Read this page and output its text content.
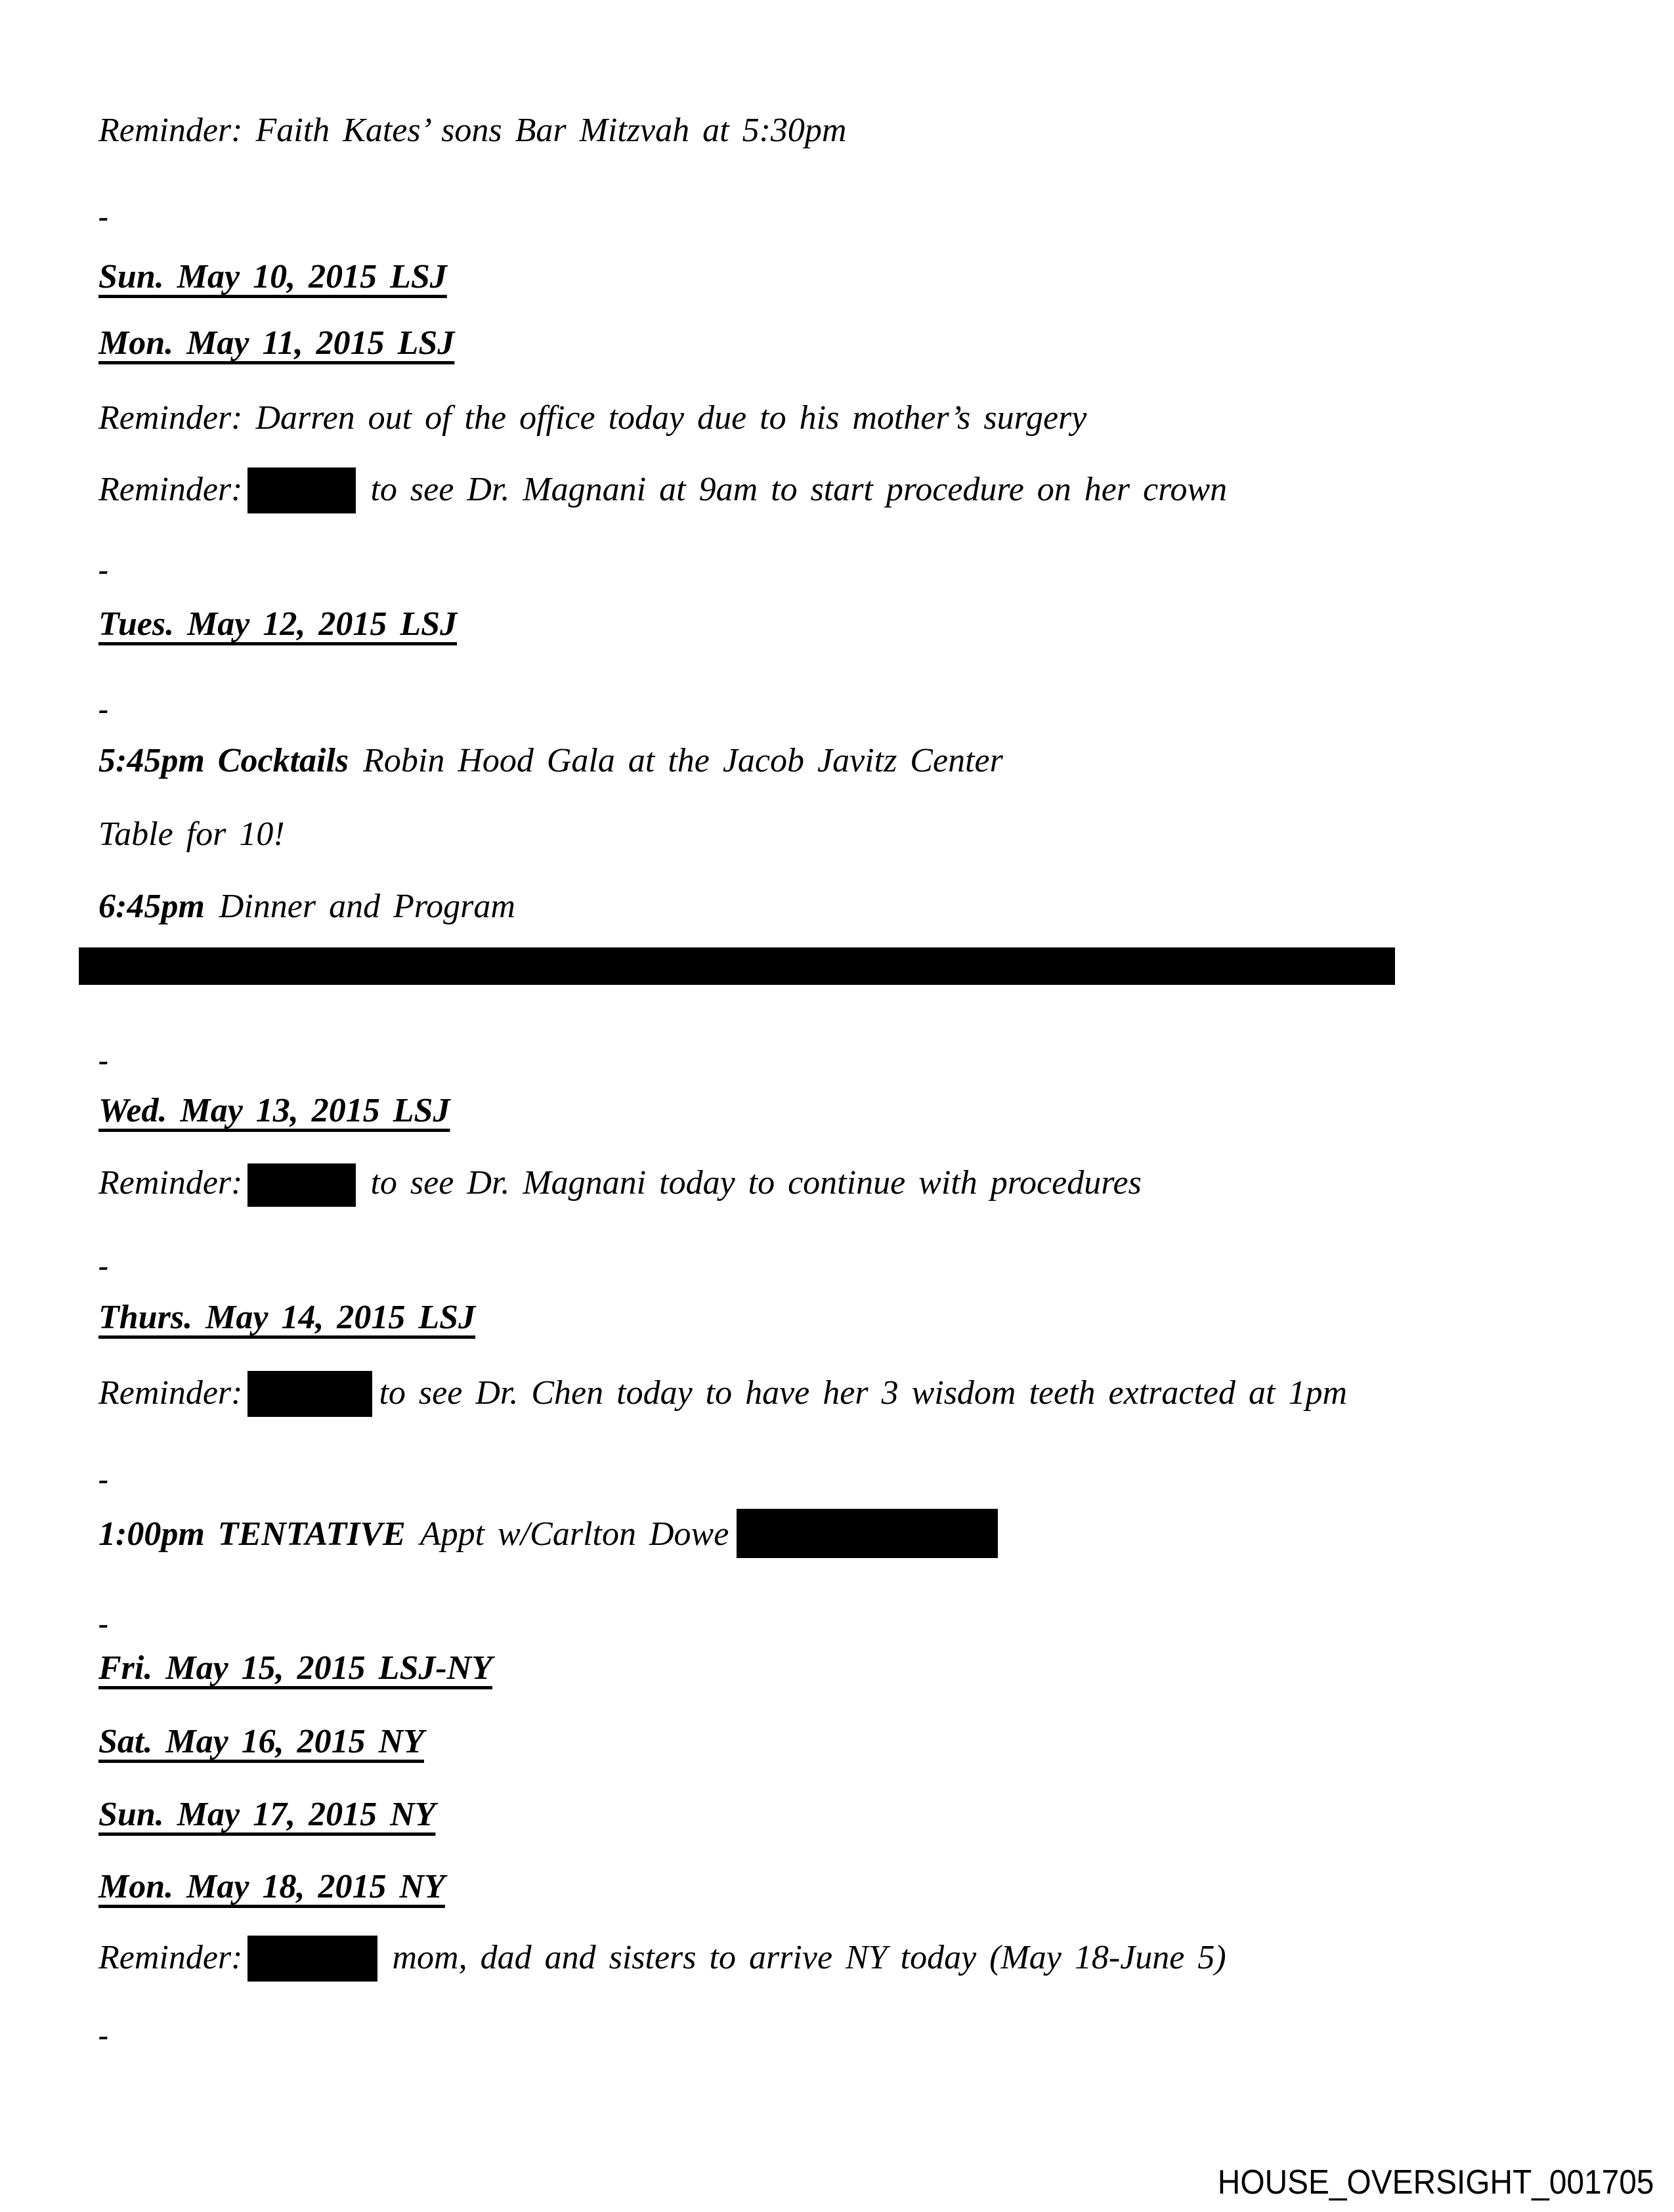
Reminder: Faith Kates’ sons Bar Mitzvah at 5:30pm
-
Sun. May 10, 2015 LSJ
Mon. May 11, 2015 LSJ
Reminder: Darren out of the office today due to his mother’s surgery
Reminder:	to see Dr. Magnani at 9am to start procedure on her crown
-
Tues. May 12, 2015 LSJ
-
5:45pm Cocktails Robin Hood Gala at the Jacob Javitz Center
Table for 10!
6:45pm Dinner and Program
-
Wed. May 13, 2015 LSJ
Reminder:	to see Dr. Magnani today to continue with procedures
-
Thurs. May 14, 2015 LSJ
Reminder:	to see Dr. Chen today to have her 3 wisdom teeth extracted at 1pm
-
1:00pm TENTATIVE Appt w/Carlton Dowe
-
Fri. May 15, 2015 LSJ-NY
Sat. May 16, 2015 NY
Sun. May 17, 2015 NY
Mon. May 18, 2015 NY
Reminder:	mom, dad and sisters to arrive NY today (May 18-June 5)
-
HOUSE_OVERSIGHT_001705
